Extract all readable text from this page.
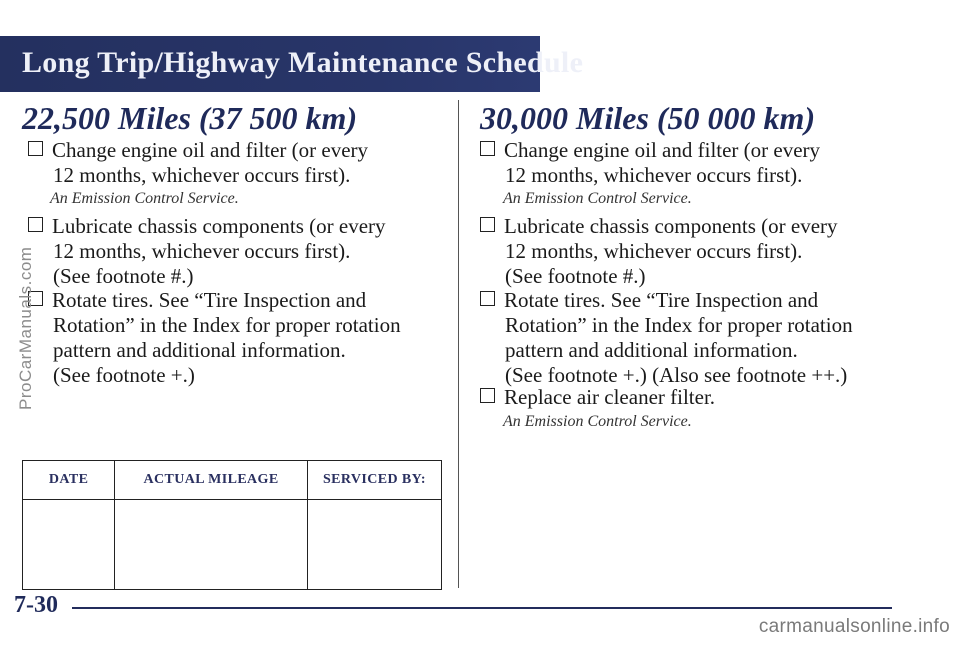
Long Trip/Highway Maintenance Schedule
22,500 Miles (37 500 km)
Change engine oil and filter (or every
12 months, whichever occurs first).
An Emission Control Service.
Lubricate chassis components (or every
12 months, whichever occurs first).
(See footnote #.)
Rotate tires. See “Tire Inspection and
Rotation” in the Index for proper rotation
pattern and additional information.
(See footnote +.)
DATE	ACTUAL MILEAGE	SERVICED BY:

30,000 Miles (50 000 km)
Change engine oil and filter (or every
12 months, whichever occurs first).
An Emission Control Service.
Lubricate chassis components (or every
12 months, whichever occurs first).
(See footnote #.)
Rotate tires. See “Tire Inspection and
Rotation” in the Index for proper rotation
pattern and additional information.
(See footnote +.) (Also see footnote ++.)
Replace air cleaner filter.
An Emission Control Service.
7-30
ProCarManuals.com
carmanualsonline.info
